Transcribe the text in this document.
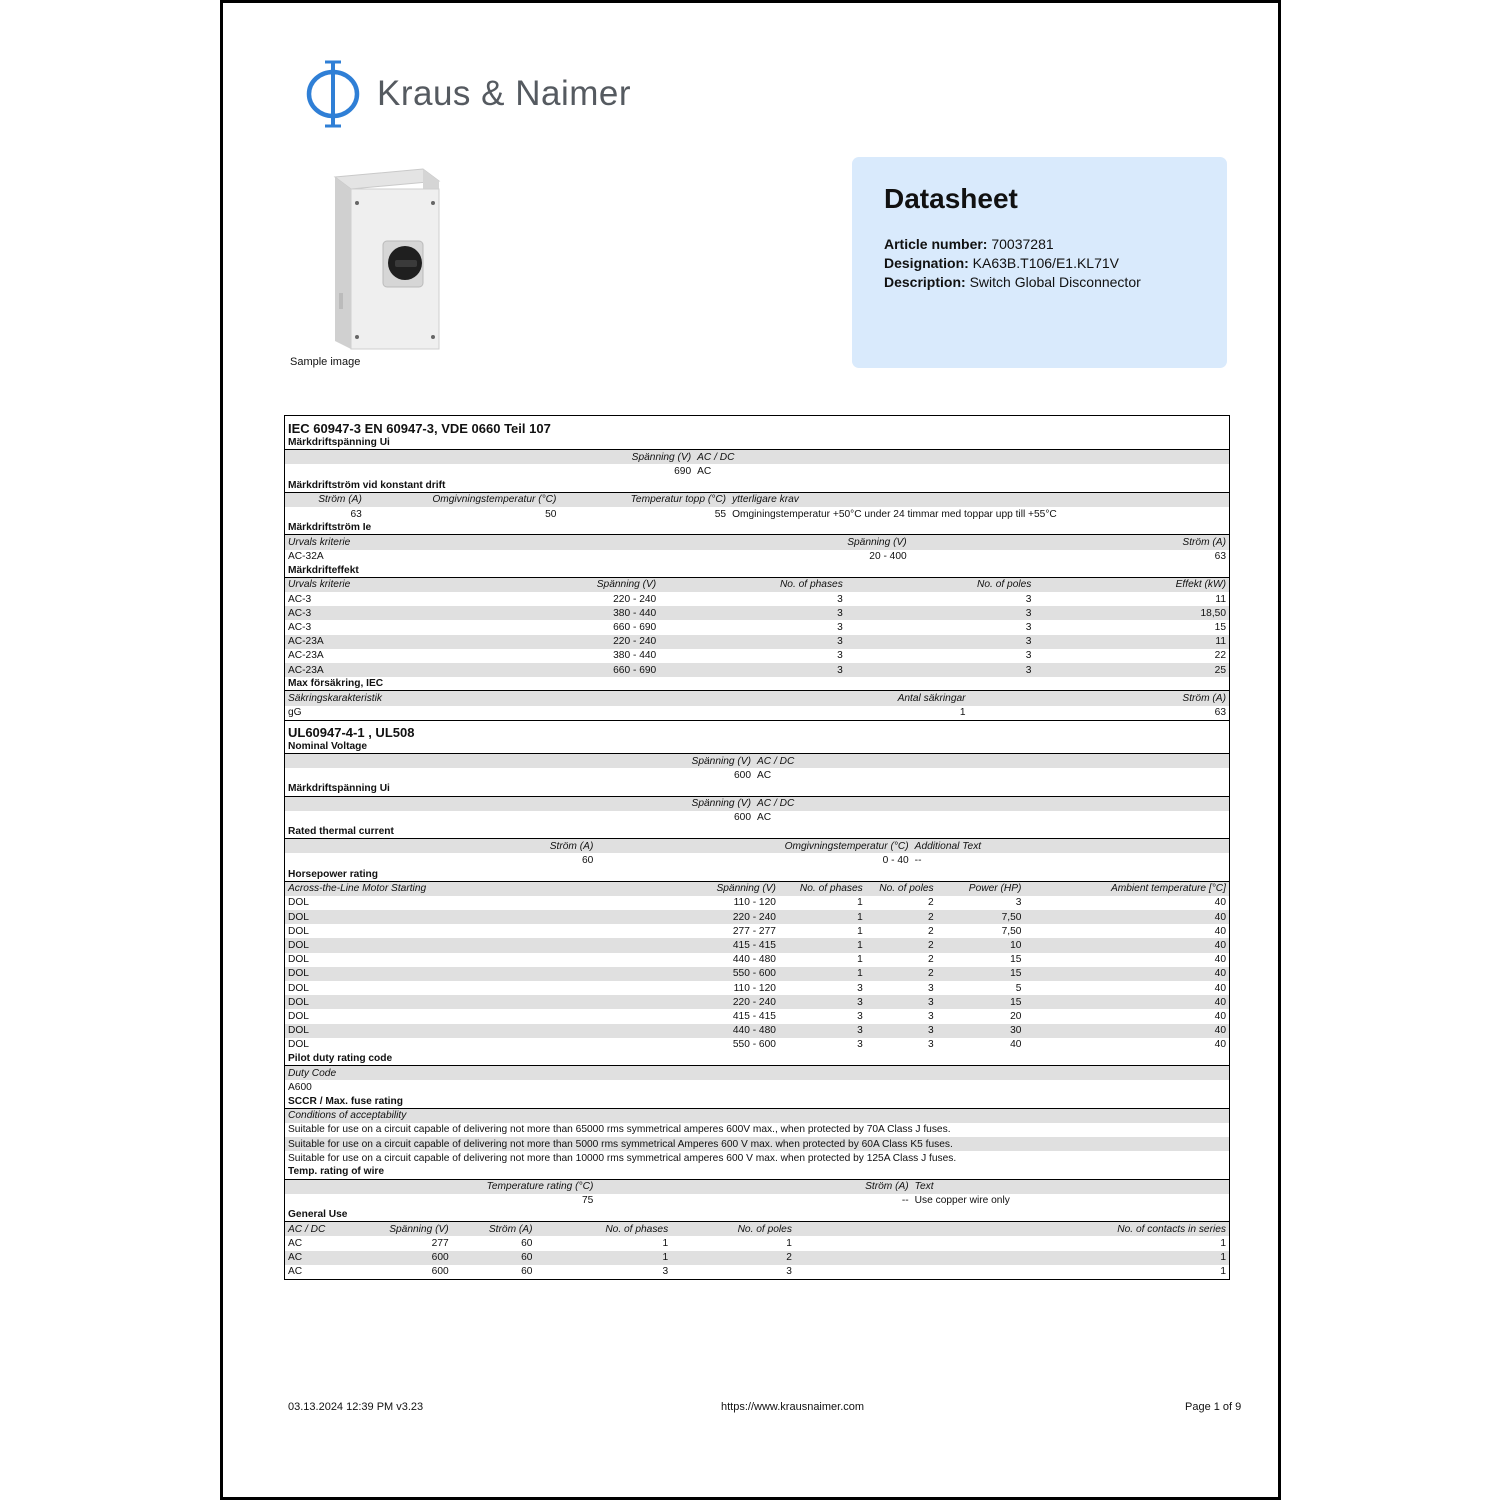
Kraus & Naimer
Sample image
Datasheet
Article number: 70037281
Designation: KA63B.T106/E1.KL71V
Description: Switch Global Disconnector
IEC 60947-3 EN 60947-3, VDE 0660 Teil 107
Märkdriftspänning Ui
Spänning (V) AC / DC
690 AC
Märkdriftström vid konstant drift
Ström (A)	Omgivningstemperatur (°C)	Temperatur topp (°C) ytterligare krav
63	50	55 Omginingstemperatur +50°C under 24 timmar med toppar upp till +55°C
Märkdriftström Ie
Urvals kriterie	Spänning (V)	Ström (A)
AC-32A	20 - 400	63
Märkdrifteffekt
Urvals kriterie	Spänning (V)	No. of phases	No. of poles	Effekt (kW)
AC-3	220 - 240	3	3	11
AC-3	380 - 440	3	3	18,50
AC-3	660 - 690	3	3	15
AC-23A	220 - 240	3	3	11
AC-23A	380 - 440	3	3	22
AC-23A	660 - 690	3	3	25
Max försäkring, IEC
Säkringskarakteristik	Antal säkringar	Ström (A)
gG	1	63
UL60947-4-1 , UL508
Nominal Voltage
Spänning (V) AC / DC
600 AC
Märkdriftspänning Ui
Spänning (V) AC / DC
600 AC
Rated thermal current
Ström (A)	Omgivningstemperatur (°C) Additional Text
60	0 - 40 --
Horsepower rating
Across-the-Line Motor Starting	Spänning (V)	No. of phases	No. of poles	Power (HP)	Ambient temperature [°C]
DOL	110 - 120	1	2	3	40
DOL	220 - 240	1	2	7,50	40
DOL	277 - 277	1	2	7,50	40
DOL	415 - 415	1	2	10	40
DOL	440 - 480	1	2	15	40
DOL	550 - 600	1	2	15	40
DOL	110 - 120	3	3	5	40
DOL	220 - 240	3	3	15	40
DOL	415 - 415	3	3	20	40
DOL	440 - 480	3	3	30	40
DOL	550 - 600	3	3	40	40
Pilot duty rating code
Duty Code
A600
SCCR / Max. fuse rating
Conditions of acceptability
Suitable for use on a circuit capable of delivering not more than 65000 rms symmetrical amperes 600V max., when protected by 70A Class J fuses.
Suitable for use on a circuit capable of delivering not more than 5000 rms symmetrical Amperes 600 V max. when protected by 60A Class K5 fuses.
Suitable for use on a circuit capable of delivering not more than 10000 rms symmetrical amperes 600 V max. when protected by 125A Class J fuses.
Temp. rating of wire
Temperature rating (°C)	Ström (A) Text
75	-- Use copper wire only
General Use
AC / DC	Spänning (V)	Ström (A)	No. of phases	No. of poles	No. of contacts in series
AC	277	60	1	1	1
AC	600	60	1	2	1
AC	600	60	3	3	1
03.13.2024 12:39 PM v3.23	https://www.krausnaimer.com	Page 1 of 9
